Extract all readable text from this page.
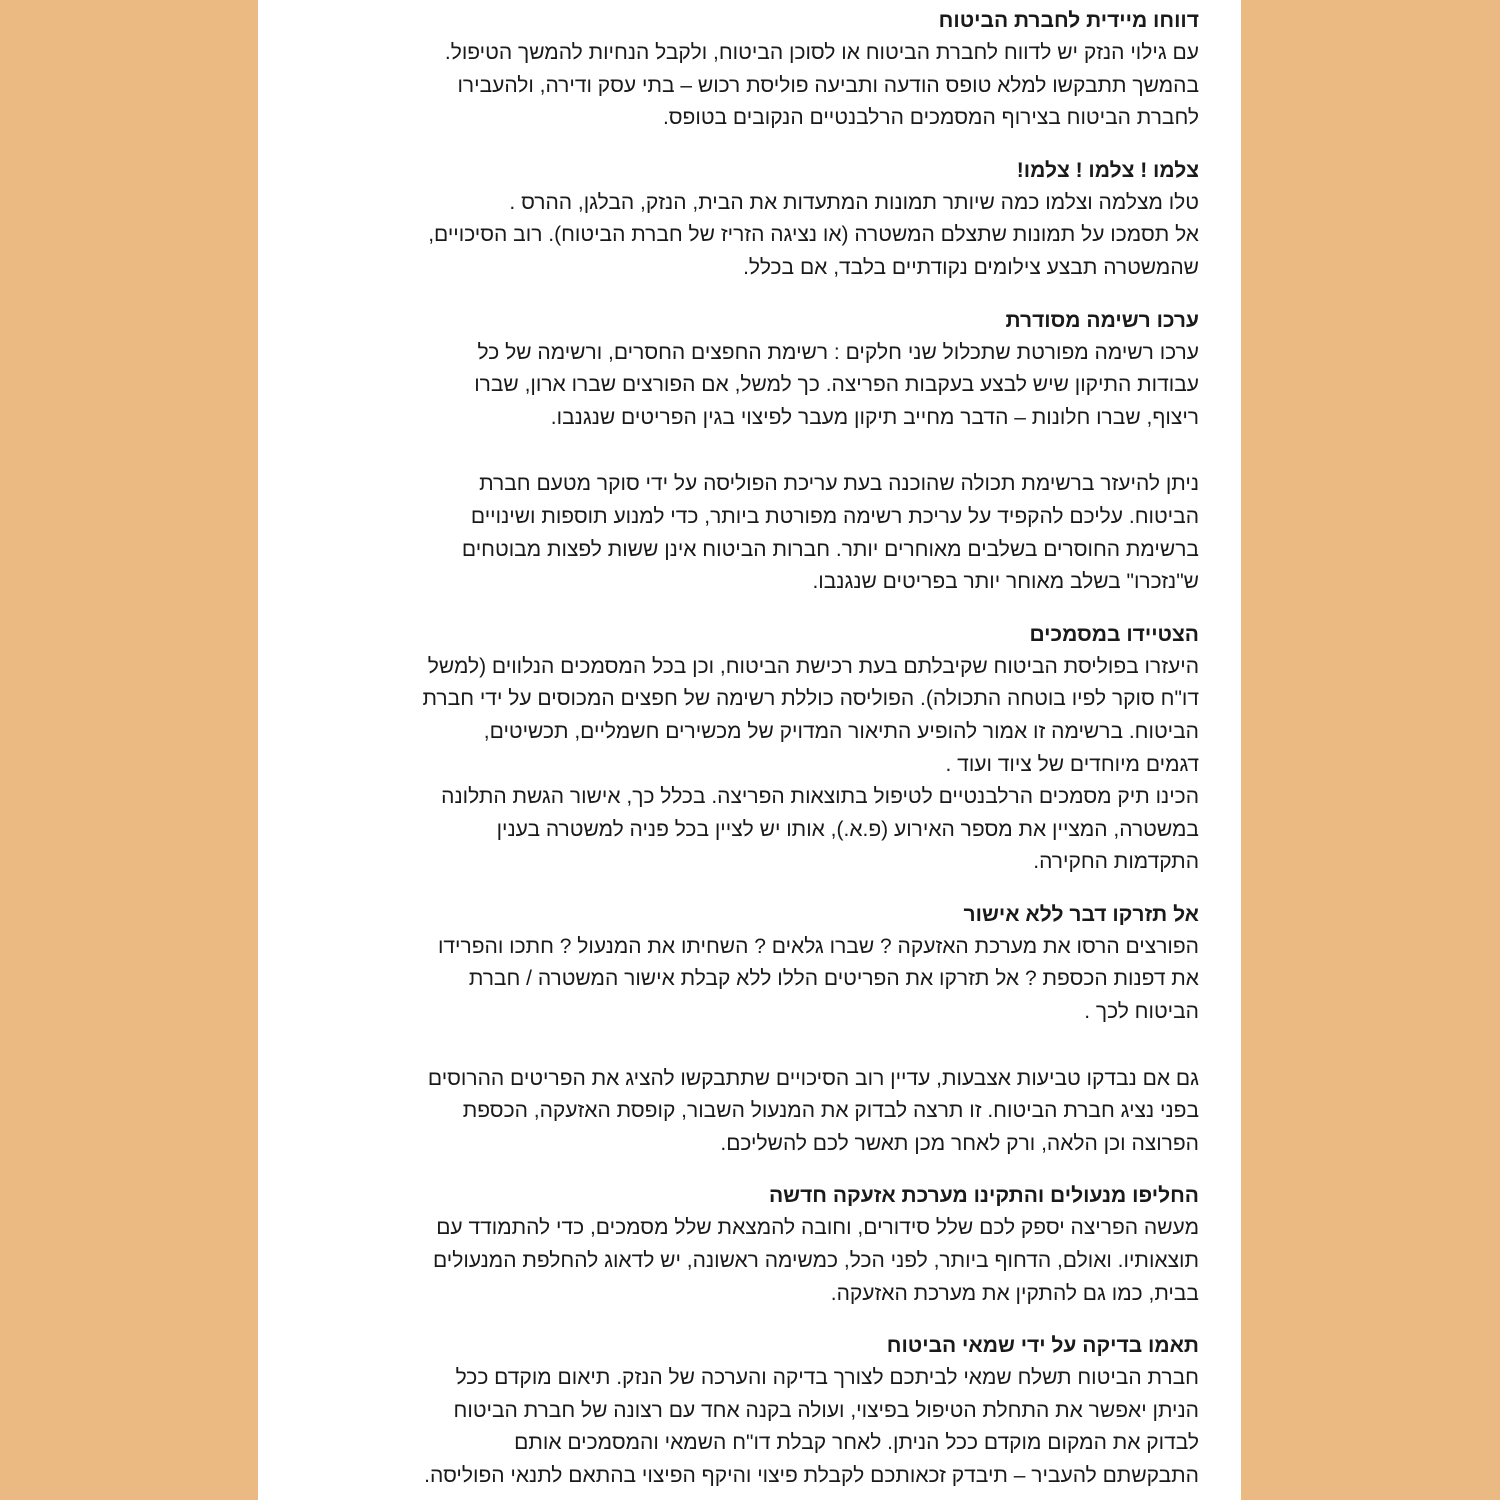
דווחו מיידית לחברת הביטוח
עם גילוי הנזק יש לדווח לחברת הביטוח או לסוכן הביטוח, ולקבל הנחיות להמשך הטיפול.
בהמשך תתבקשו למלא טופס הודעה ותביעה פוליסת רכוש – בתי עסק ודירה, ולהעבירו
לחברת הביטוח בצירוף המסמכים הרלבנטיים הנקובים בטופס.
צלמו ! צלמו ! צלמו!
טלו מצלמה וצלמו כמה שיותר תמונות המתעדות את הבית, הנזק, הבלגן, ההרס .
אל תסמכו על תמונות שתצלם המשטרה (או נציגה הזריז של חברת הביטוח). רוב הסיכויים,
שהמשטרה תבצע צילומים נקודתיים בלבד, אם בכלל.
ערכו רשימה מסודרת
ערכו רשימה מפורטת שתכלול שני חלקים : רשימת החפצים החסרים, ורשימה של כל
עבודות התיקון שיש לבצע בעקבות הפריצה. כך למשל, אם הפורצים שברו ארון, שברו
ריצוף, שברו חלונות – הדבר מחייב תיקון מעבר לפיצוי בגין הפריטים שנגנבו.
ניתן להיעזר ברשימת תכולה שהוכנה בעת עריכת הפוליסה על ידי סוקר מטעם חברת
הביטוח. עליכם להקפיד על עריכת רשימה מפורטת ביותר, כדי למנוע תוספות ושינויים
ברשימת החוסרים בשלבים מאוחרים יותר. חברות הביטוח אינן ששות לפצות מבוטחים
ש"נזכרו" בשלב מאוחר יותר בפריטים שנגנבו.
הצטיידו במסמכים
היעזרו בפוליסת הביטוח שקיבלתם בעת רכישת הביטוח, וכן בכל המסמכים הנלווים (למשל
דו"ח סוקר לפיו בוטחה התכולה). הפוליסה כוללת רשימה של חפצים המכוסים על ידי חברת
הביטוח. ברשימה זו אמור להופיע התיאור המדויק של מכשירים חשמליים, תכשיטים,
דגמים מיוחדים של ציוד ועוד .
הכינו תיק מסמכים הרלבנטיים לטיפול בתוצאות הפריצה. בכלל כך, אישור הגשת התלונה
במשטרה, המציין את מספר האירוע (פ.א.), אותו יש לציין בכל פניה למשטרה בענין
התקדמות החקירה.
אל תזרקו דבר ללא אישור
הפורצים הרסו את מערכת האזעקה ? שברו גלאים ? השחיתו את המנעול ? חתכו והפרידו
את דפנות הכספת ? אל תזרקו את הפריטים הללו ללא קבלת אישור המשטרה / חברת
הביטוח לכך .
גם אם נבדקו טביעות אצבעות, עדיין רוב הסיכויים שתתבקשו להציג את הפריטים ההרוסים
בפני נציג חברת הביטוח. זו תרצה לבדוק את המנעול השבור, קופסת האזעקה, הכספת
הפרוצה וכן הלאה, ורק לאחר מכן תאשר לכם להשליכם.
החליפו מנעולים והתקינו מערכת אזעקה חדשה
מעשה הפריצה יספק לכם שלל סידורים, וחובה להמצאת שלל מסמכים, כדי להתמודד עם
תוצאותיו. ואולם, הדחוף ביותר, לפני הכל, כמשימה ראשונה, יש לדאוג להחלפת המנעולים
בבית, כמו גם להתקין את מערכת האזעקה.
תאמו בדיקה על ידי שמאי הביטוח
חברת הביטוח תשלח שמאי לביתכם לצורך בדיקה והערכה של הנזק. תיאום מוקדם ככל
הניתן יאפשר את התחלת הטיפול בפיצוי, ועולה בקנה אחד עם רצונה של חברת הביטוח
לבדוק את המקום מוקדם ככל הניתן. לאחר קבלת דו"ח השמאי והמסמכים אותם
התבקשתם להעביר – תיבדק זכאותכם לקבלת פיצוי והיקף הפיצוי בהתאם לתנאי הפוליסה.
